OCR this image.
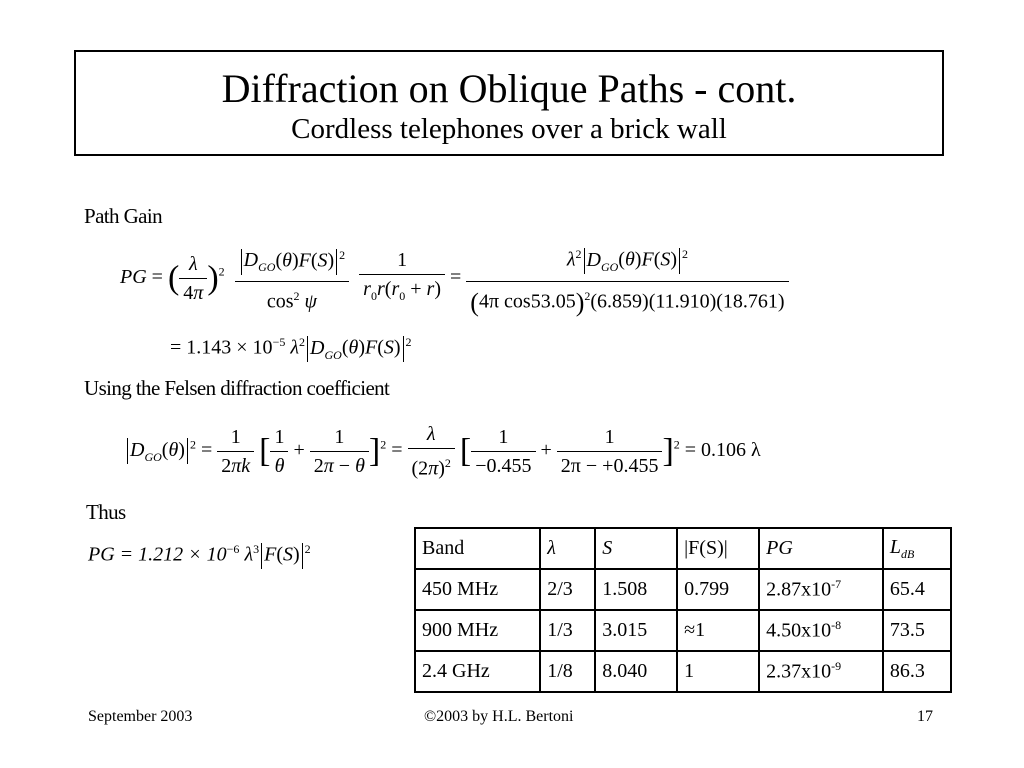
Diffraction on Oblique Paths - cont.
Cordless telephones over a brick wall
Path Gain
PG = ( $\frac{\lambda}{4\pi} )^2 \frac{D_{GO}(\theta)F(S) ^2}{\cos^2 \psi}$
$\frac{1}{r_0r(r_0 + r)} = \frac{\lambda^2 D_{GO}(\theta)F(S) ^2}{(4\pi \cos 53.05)^2(6.859)(11.910)(18.761)}$
= $1.143 \times 10^{-5}$ $\lambda^2$ $D_{GO}(\theta)F(S)$ $^2$
Using the Felsen diffraction coefficient
$D_{GO}(\theta) ^2 = \frac{1}{2\pi k}$ [ $\frac{1}{\theta} + \frac{1}{2\pi - \theta} ]^2 = \frac{\lambda}{(2\pi)^2}$ [ $\frac{1}{-0.455} + \frac{1}{2\pi - +0.455} ]^2 = 0.106$ λ
Thus
PG = $1.212 \times 10^{-6}$ $\lambda^3$ F(S) $^2$	Band	λ	S	|F(S)|	PG	$L_{dB}$
450 MHz	2/3	1.508	0.799	$2.87x10^{-7}$	65.4
900 MHz	1/3	3.015	≈1	$4.50x10^{-8}$	73.5
2.4 GHz	1/8	8.040	1	$2.37x10^{-9}$	86.3
September 2003	©2003 by H.L. Bertoni	17
